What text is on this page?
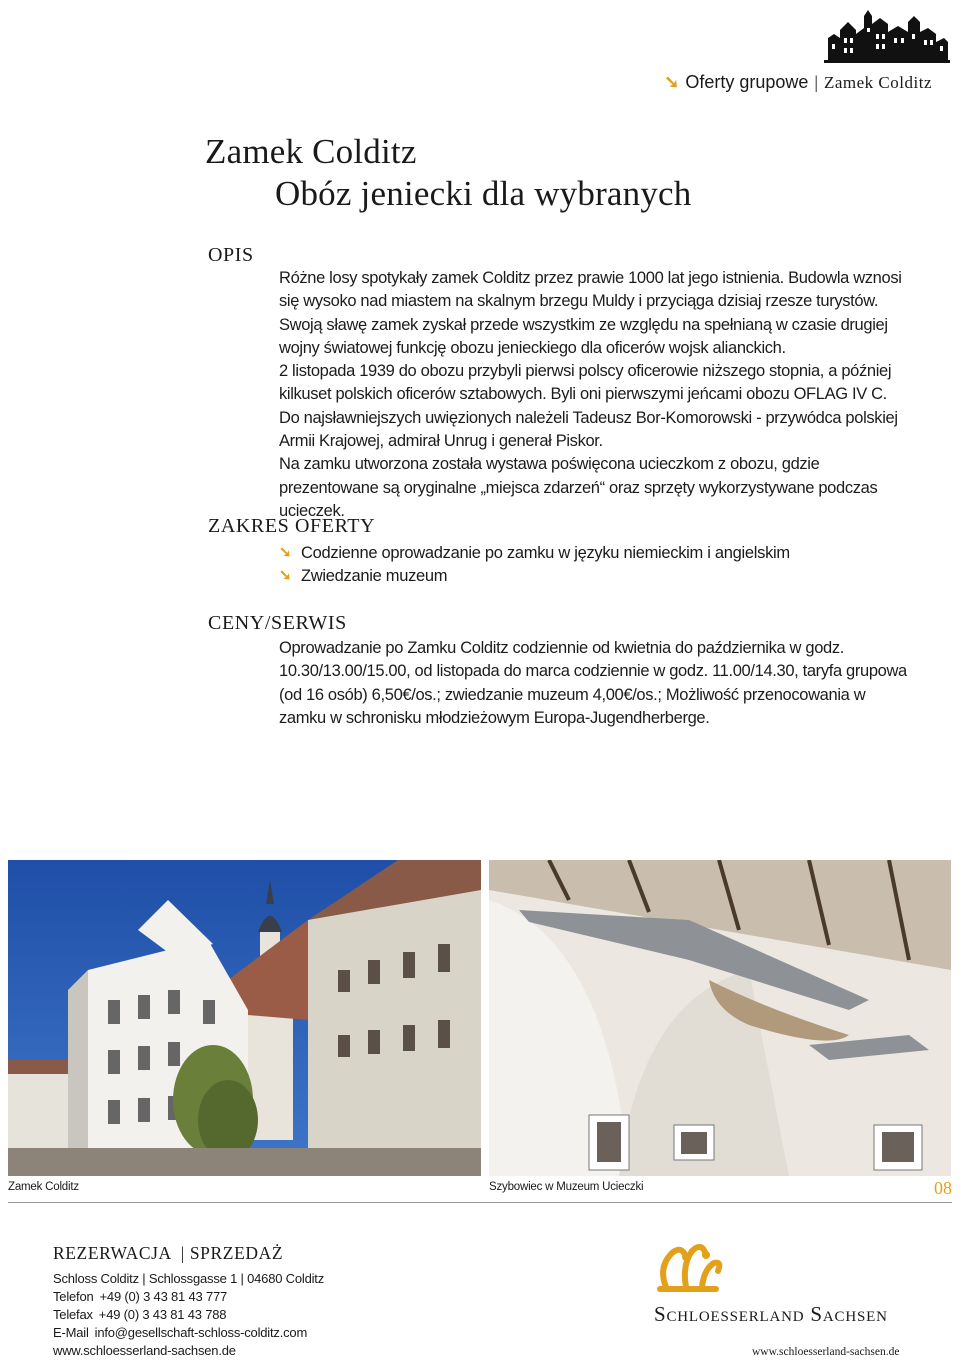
➘ Oferty grupowe | Zamek Colditz
Zamek Colditz
Obóz jeniecki dla wybranych
OPIS

Różne losy spotykały zamek Colditz przez prawie 1000 lat jego istnienia. Budowla wznosi się wysoko nad miastem na skalnym brzegu Muldy i przyciąga dzisiaj rzesze turystów. Swoją sławę zamek zyskał przede wszystkim ze względu na spełnianą w czasie drugiej wojny światowej funkcję obozu jenieckiego dla oficerów wojsk alianckich.

2 listopada 1939 do obozu przybyli pierwsi polscy oficerowie niższego stopnia, a później kilkuset polskich oficerów sztabowych. Byli oni pierwszymi jeńcami obozu OFLAG IV C. Do najsławniejszych uwięzionych należeli Tadeusz Bor-Komorowski - przywódca polskiej Armii Krajowej, admirał Unrug i generał Piskor.

Na zamku utworzona została wystawa poświęcona ucieczkom z obozu, gdzie prezentowane są oryginalne „miejsca zdarzeń“ oraz sprzęty wykorzystywane podczas ucieczek.

ZAKRES OFERTY
➘ Codzienne oprowadzanie po zamku w języku niemieckim i angielskim
➘ Zwiedzanie muzeum
CENY/SERWIS

Oprowadzanie po Zamku Colditz codziennie od kwietnia do października w godz. 10.30/13.00/15.00, od listopada do marca codziennie w godz. 11.00/14.30, taryfa grupowa (od 16 osób) 6,50€/os.; zwiedzanie muzeum 4,00€/os.; Możliwość przenocowania w zamku w schronisku młodzieżowym Europa-Jugendherberge.

Zamek Colditz	Szybowiec w Muzeum Ucieczki	08
REZERWACJA  | SPRZEDAŻ
Schloss Colditz | Schlossgasse 1 | 04680 Colditz
Telefon +49 (0) 3 43 81 43 777
Telefax +49 (0) 3 43 81 43 788
E-Mail info@gesellschaft-schloss-colditz.com
www.schloesserland-sachsen.de
Schloesserland Sachsen
www.schloesserland-sachsen.de
